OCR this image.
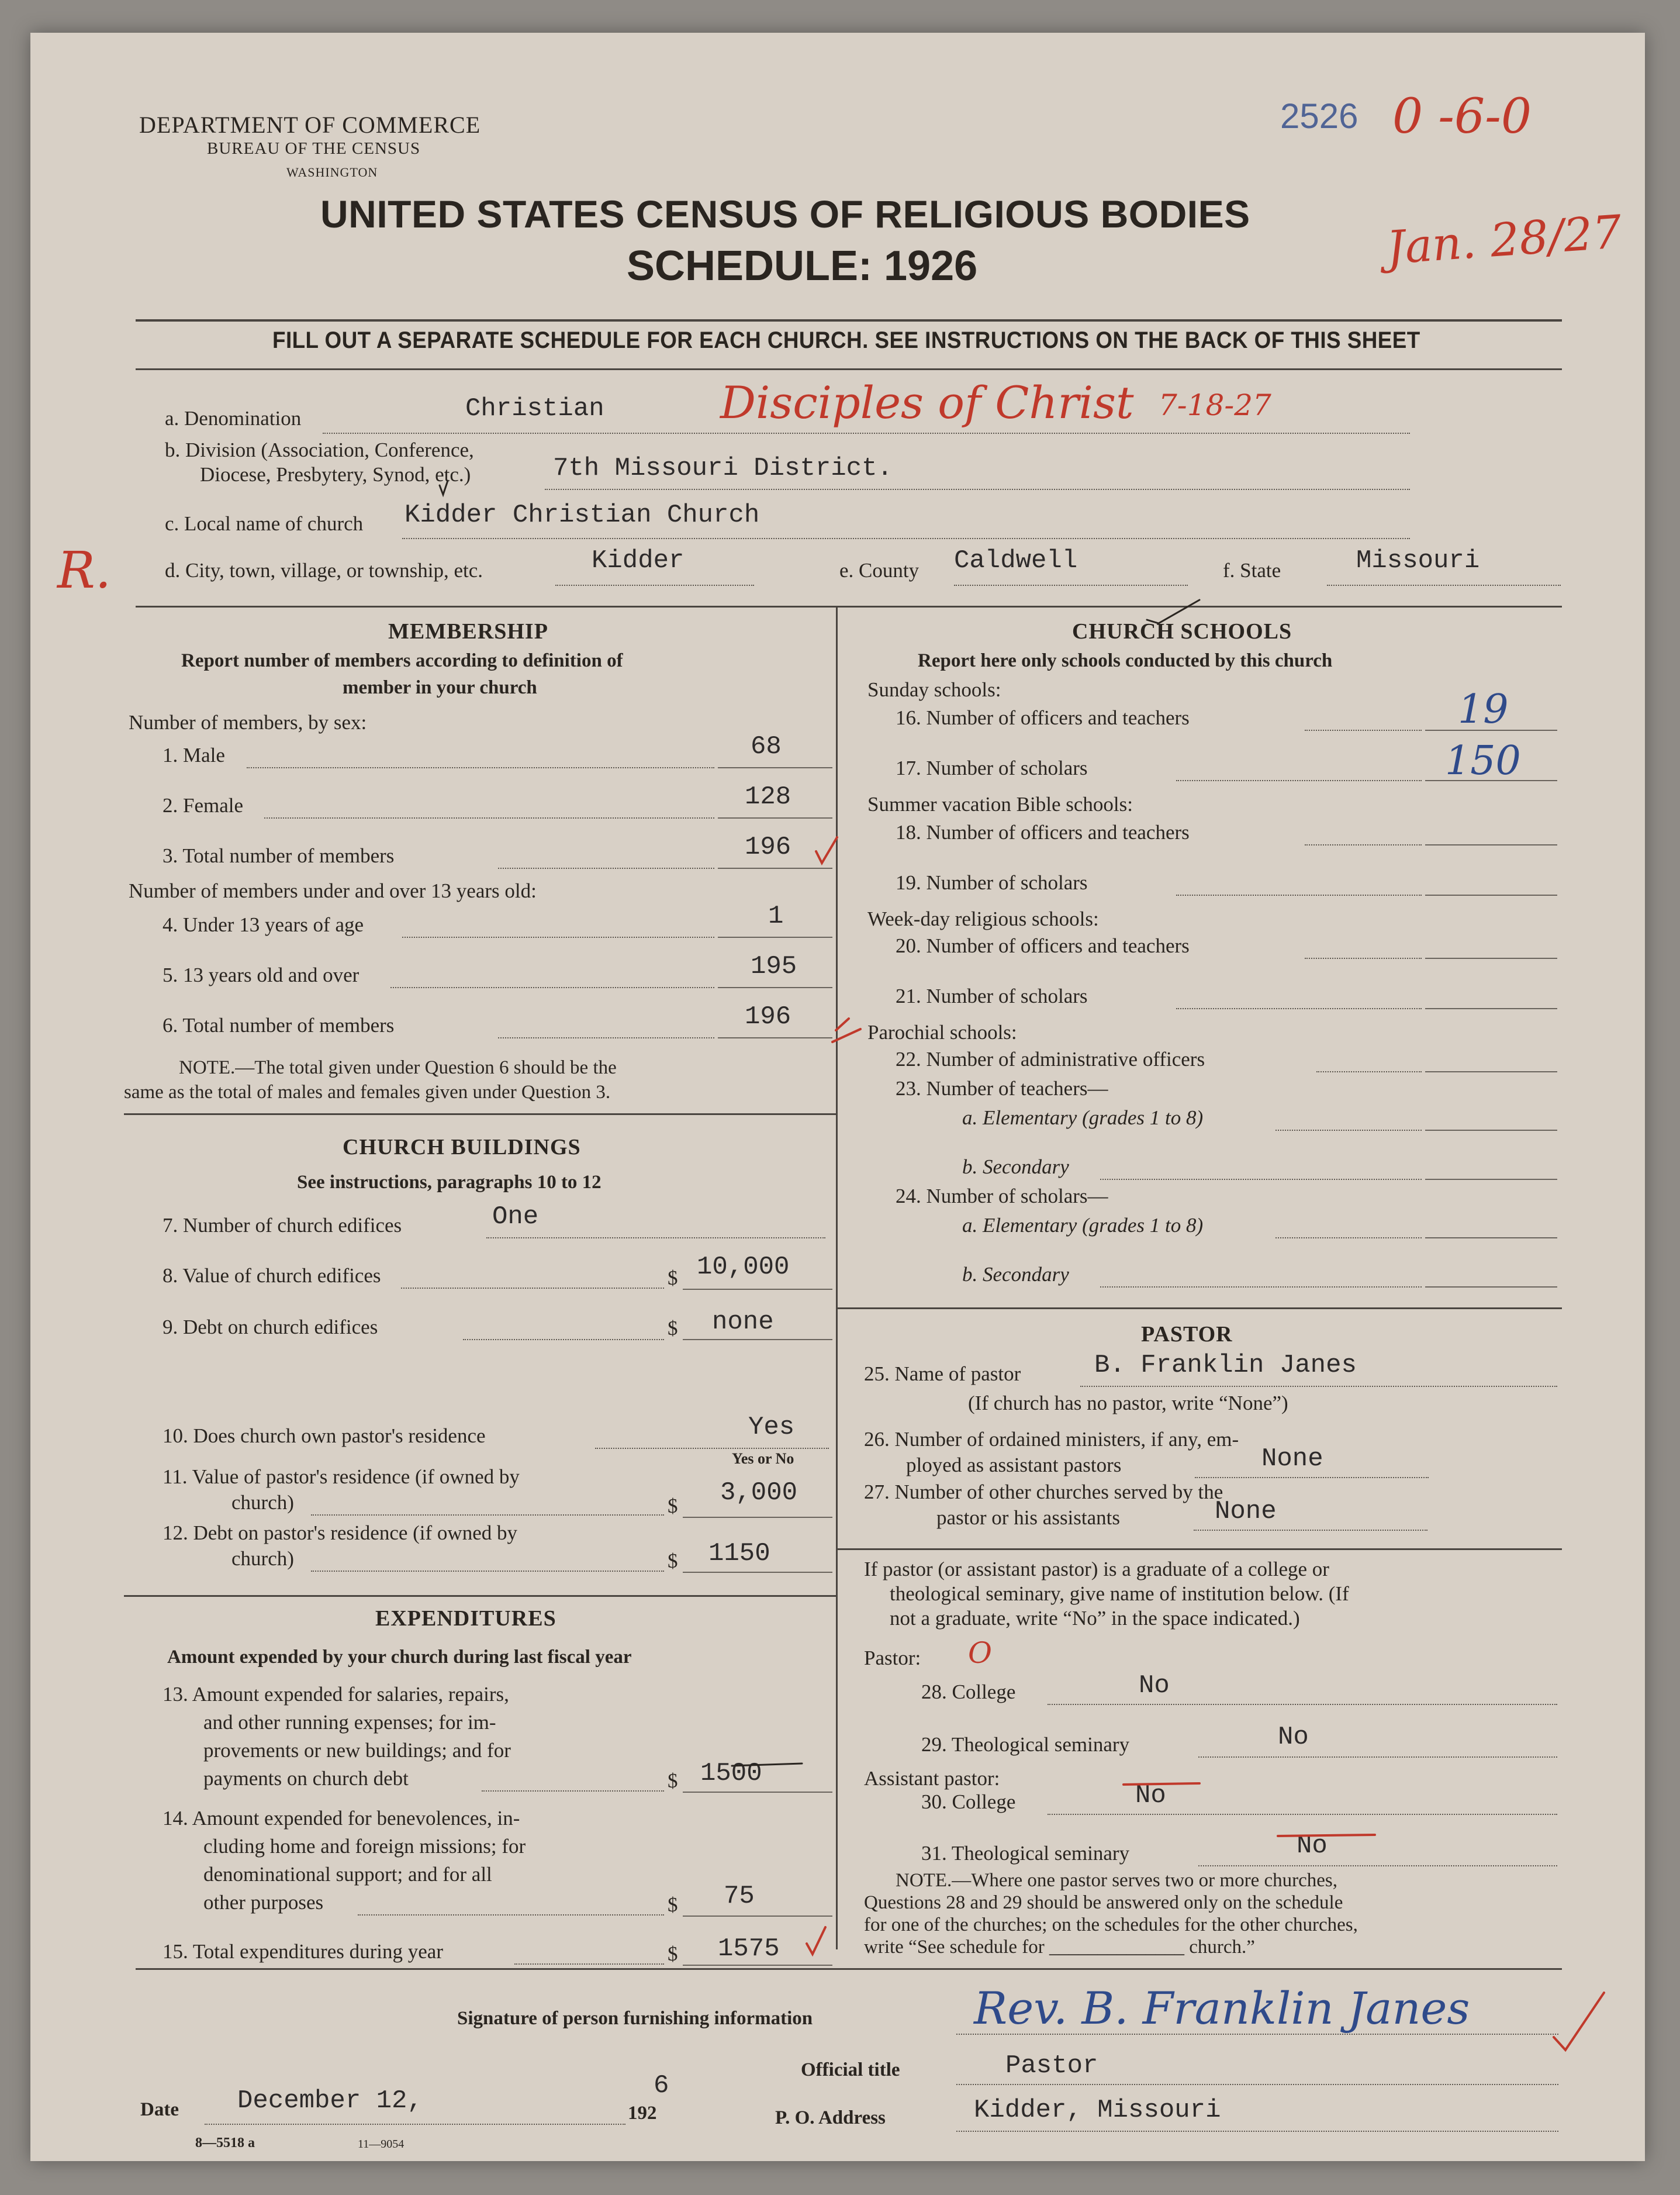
DEPARTMENT OF COMMERCE
BUREAU OF THE CENSUS
WASHINGTON
UNITED STATES CENSUS OF RELIGIOUS BODIES
SCHEDULE: 1926
2526 0 -6-0
Jan. 28/27
FILL OUT A SEPARATE SCHEDULE FOR EACH CHURCH. SEE INSTRUCTIONS ON THE BACK OF THIS SHEET
a. Denomination	Christian	Disciples of Christ 7-18-27
b. Division (Association, Conference,
Diocese, Presbytery, Synod, etc.)	7th Missouri District.
c. Local name of church Kidder Christian Church
R.	d. City, town, village, or township, etc.	Kidder	e. County Caldwell	f. State	Missouri
MEMBERSHIP
Report number of members according to definition of
member in your church
Number of members, by sex:
1. Male	68
2. Female	128
3. Total number of members	196
Number of members under and over 13 years old:
4. Under 13 years of age	1
5. 13 years old and over	195
6. Total number of members	196
NOTE.—The total given under Question 6 should be the
same as the total of males and females given under Question 3.
CHURCH BUILDINGS
See instructions, paragraphs 10 to 12
7. Number of church edifices	One
8. Value of church edifices	$ 10,000
9. Debt on church edifices	$ none
10. Does church own pastor's residence	Yes
Yes or No
11. Value of pastor's residence (if owned by
church)	$ 3,000
12. Debt on pastor's residence (if owned by
church)	$ 1150
EXPENDITURES
Amount expended by your church during last fiscal year
13. Amount expended for salaries, repairs,
and other running expenses; for im-
provements or new buildings; and for
payments on church debt	$ 1500
14. Amount expended for benevolences, in-
cluding home and foreign missions; for
denominational support; and for all
other purposes	$ 75
15. Total expenditures during year	$ 1575
CHURCH SCHOOLS
Report here only schools conducted by this church
Sunday schools:
16. Number of officers and teachers	19
17. Number of scholars	150
Summer vacation Bible schools:
18. Number of officers and teachers
19. Number of scholars
Week-day religious schools:
20. Number of officers and teachers
21. Number of scholars
Parochial schools:
22. Number of administrative officers
23. Number of teachers—
a. Elementary (grades 1 to 8)
b. Secondary
24. Number of scholars—
a. Elementary (grades 1 to 8)
b. Secondary
PASTOR
25. Name of pastor	B. Franklin Janes
(If church has no pastor, write “None”)
26. Number of ordained ministers, if any, em-
ployed as assistant pastors	None
27. Number of other churches served by the
pastor or his assistants	None
If pastor (or assistant pastor) is a graduate of a college or
theological seminary, give name of institution below. (If
not a graduate, write “No” in the space indicated.)
Pastor: O
28. College	No
29. Theological seminary	No
Assistant pastor:
30. College	No
31. Theological seminary	No
NOTE.—Where one pastor serves two or more churches,
Questions 28 and 29 should be answered only on the schedule
for one of the churches; on the schedules for the other churches,
write “See schedule for ______________ church.”
Signature of person furnishing information	Rev. B. Franklin Janes
Official title	Pastor
Date December 12,	192
6
P. O. Address	Kidder, Missouri
8—5518 a	11—9054
